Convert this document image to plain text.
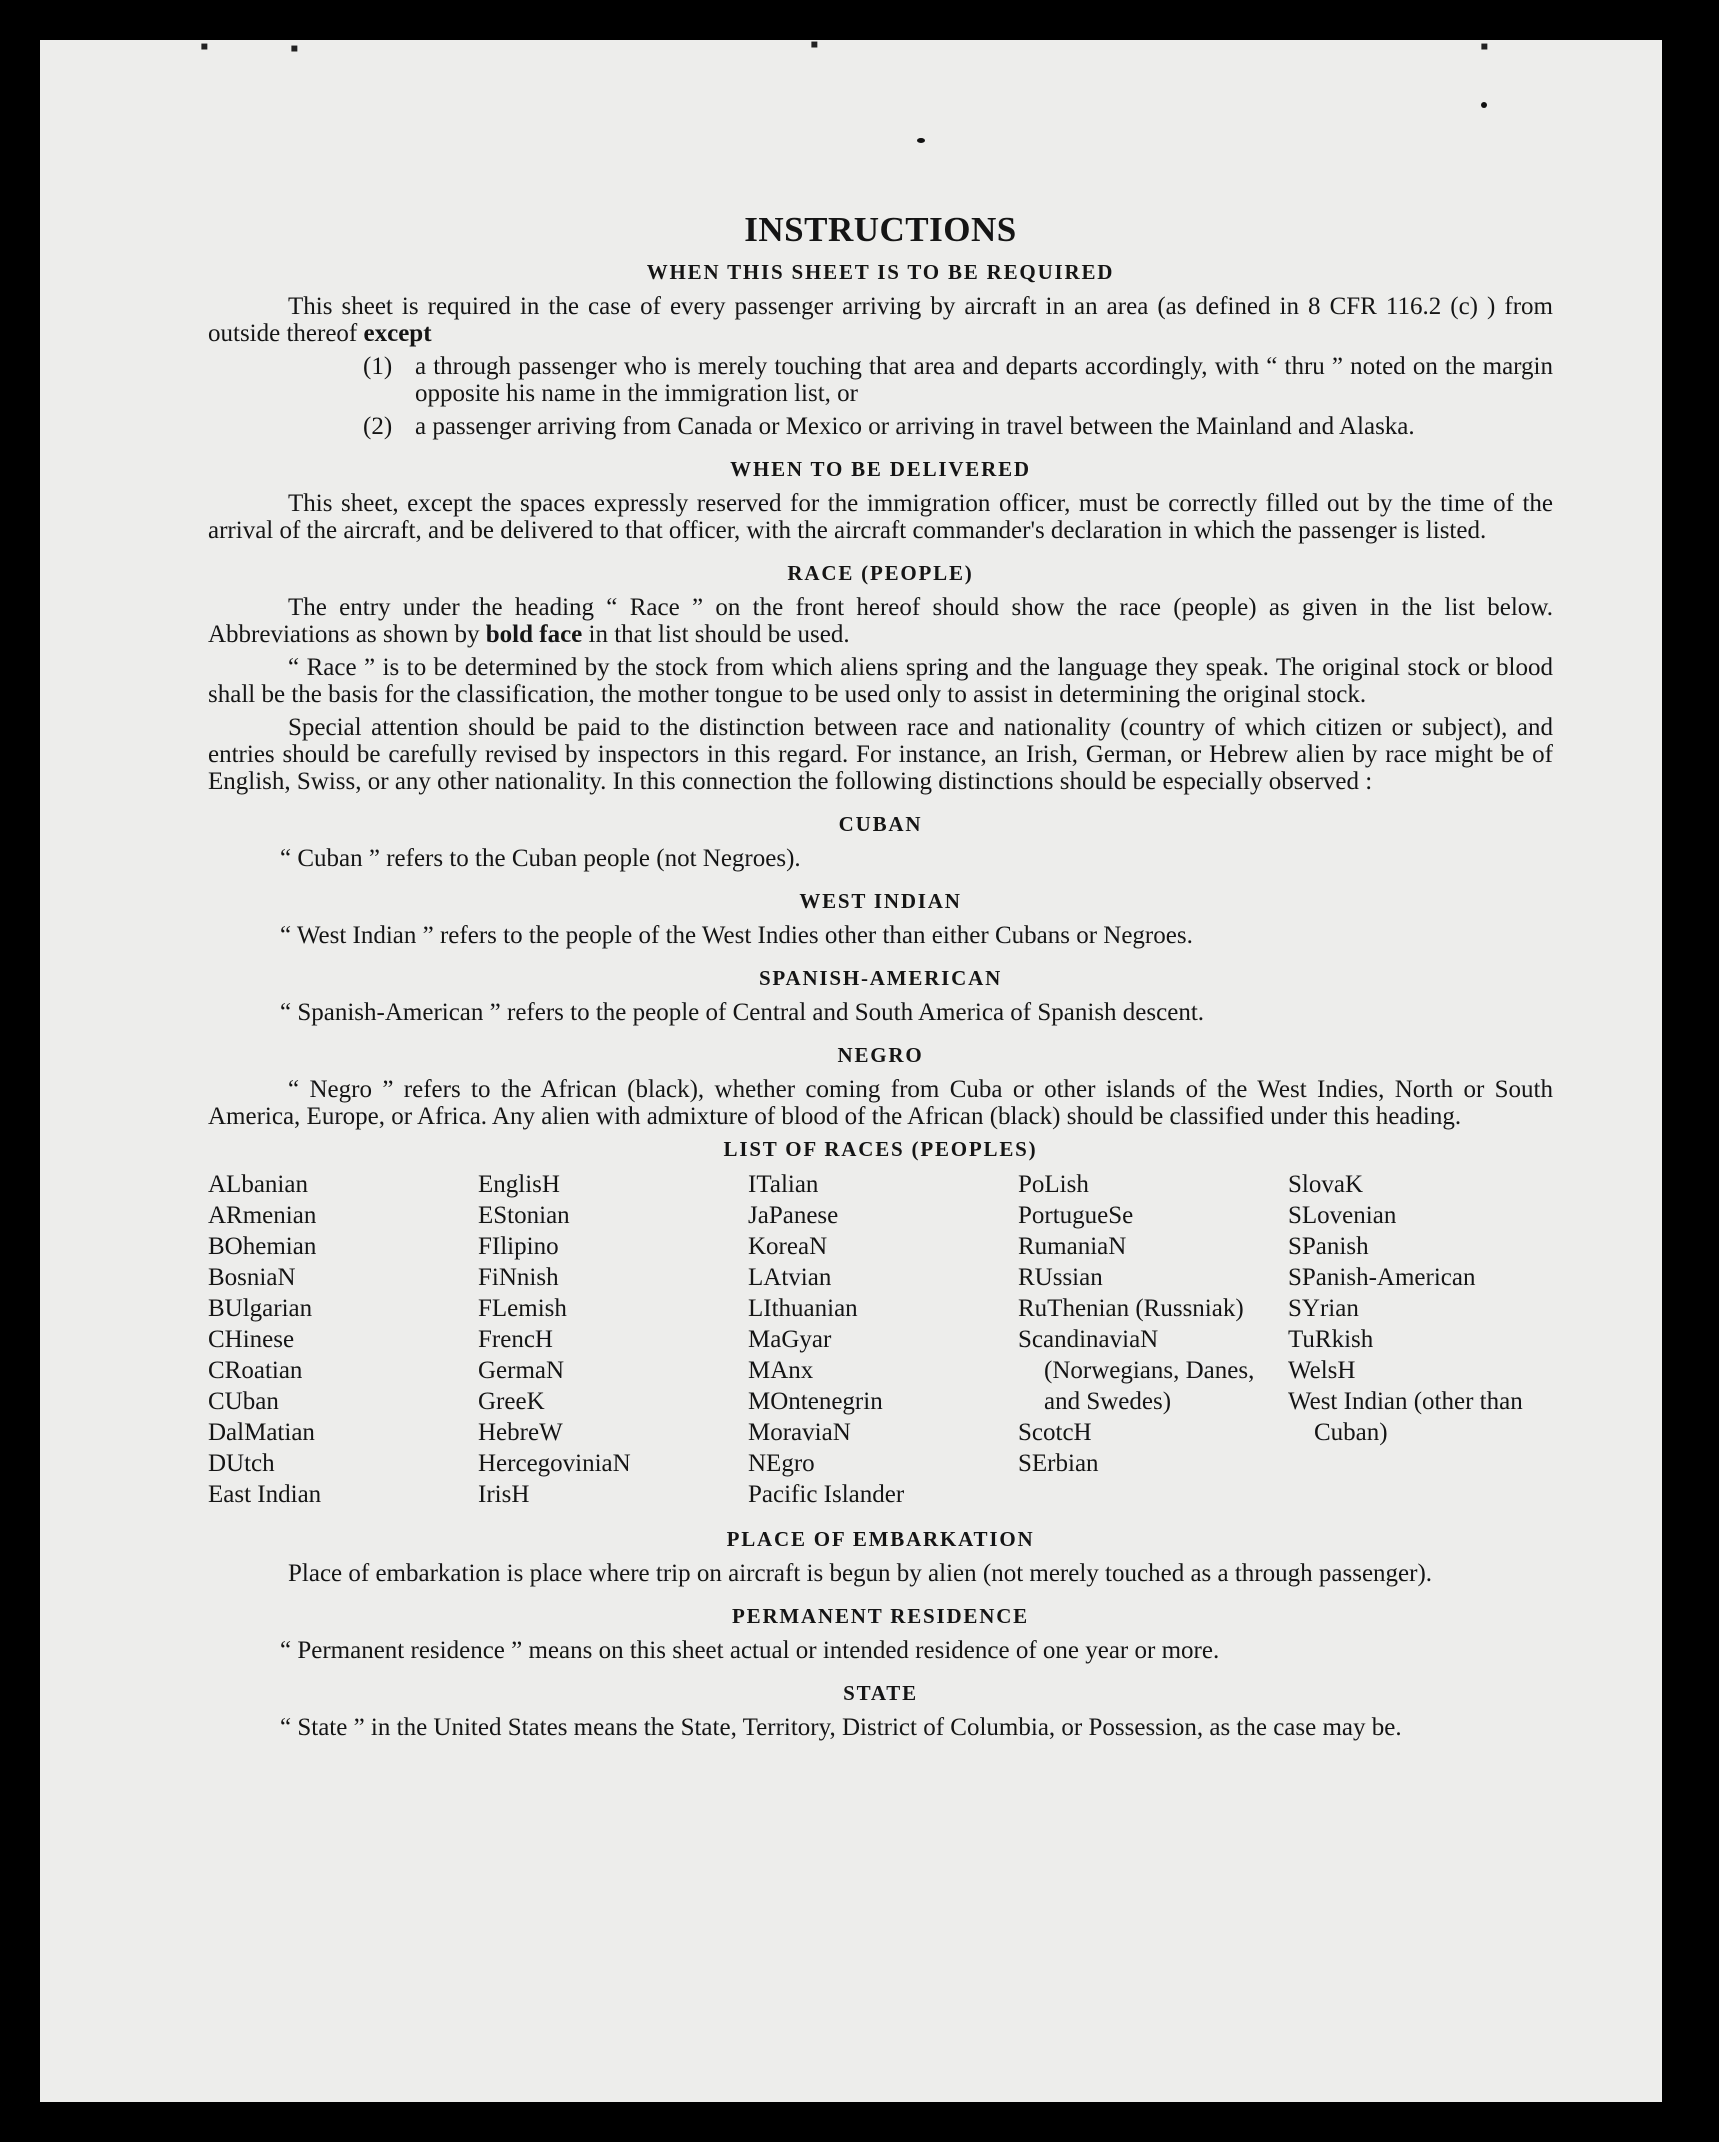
▪	▪	▪	▪
INSTRUCTIONS
WHEN THIS SHEET IS TO BE REQUIRED

This sheet is required in the case of every passenger arriving by aircraft in an area (as defined in 8 CFR 116.2 (c) ) from outside thereof except

(1) a through passenger who is merely touching that area and departs accordingly, with “ thru ” noted on the margin opposite his name in the immigration list, or
(2) a passenger arriving from Canada or Mexico or arriving in travel between the Mainland and Alaska.
WHEN TO BE DELIVERED

This sheet, except the spaces expressly reserved for the immigration officer, must be correctly filled out by the time of the arrival of the aircraft, and be delivered to that officer, with the aircraft commander's declaration in which the passenger is listed.

RACE (PEOPLE)

The entry under the heading “ Race ” on the front hereof should show the race (people) as given in the list below. Abbreviations as shown by bold face in that list should be used.

“ Race ” is to be determined by the stock from which aliens spring and the language they speak. The original stock or blood shall be the basis for the classification, the mother tongue to be used only to assist in determining the original stock.

Special attention should be paid to the distinction between race and nationality (country of which citizen or subject), and entries should be carefully revised by inspectors in this regard. For instance, an Irish, German, or Hebrew alien by race might be of English, Swiss, or any other nationality. In this connection the following distinctions should be especially observed :

CUBAN

“ Cuban ” refers to the Cuban people (not Negroes).

WEST INDIAN

“ West Indian ” refers to the people of the West Indies other than either Cubans or Negroes.

SPANISH-AMERICAN

“ Spanish-American ” refers to the people of Central and South America of Spanish descent.

NEGRO

“ Negro ” refers to the African (black), whether coming from Cuba or other islands of the West Indies, North or South America, Europe, or Africa. Any alien with admixture of blood of the African (black) should be classified under this heading.

LIST OF RACES (PEOPLES)
ALbanian
ARmenian
BOhemian
BosniaN
BUlgarian
CHinese
CRoatian
CUban
DalMatian
DUtch
East Indian
EnglisH
EStonian
FIlipino
FiNnish
FLemish
FrencH
GermaN
GreeK
HebreW
HercegoviniaN
IrisH
ITalian
JaPanese
KoreaN
LAtvian
LIthuanian
MaGyar
MAnx
MOntenegrin
MoraviaN
NEgro
Pacific Islander
PoLish
PortugueSe
RumaniaN
RUssian
RuThenian (Russniak)
ScandinaviaN (Norwegians, Danes, and Swedes)
ScotcH
SErbian
SlovaK
SLovenian
SPanish
SPanish-American
SYrian
TuRkish
WelsH
West Indian (other than Cuban)
PLACE OF EMBARKATION

Place of embarkation is place where trip on aircraft is begun by alien (not merely touched as a through passenger).

PERMANENT RESIDENCE

“ Permanent residence ” means on this sheet actual or intended residence of one year or more.

STATE

“ State ” in the United States means the State, Territory, District of Columbia, or Possession, as the case may be.
